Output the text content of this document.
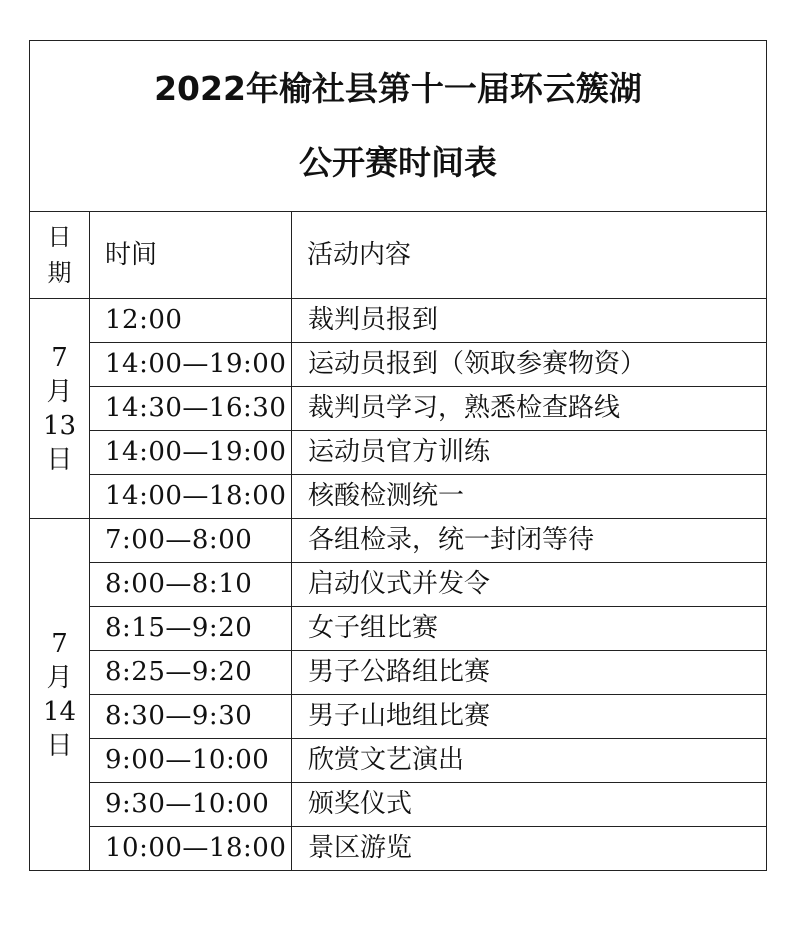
2022年榆社县第十一届环云簇湖
公开赛时间表		

日
期	时间	活动内容

7
月
13
日	12:00	裁判员报到
	14:00—19:00	运动员报到（领取参赛物资）
	14:30—16:30	裁判员学习，熟悉检查路线
	14:00—19:00	运动员官方训练
	14:00—18:00	核酸检测统一

7
月
14
日	7:00—8:00	各组检录，统一封闭等待
	8:00—8:10	启动仪式并发令
	8:15—9:20	女子组比赛
	8:25—9:20	男子公路组比赛
	8:30—9:30	男子山地组比赛
	9:00—10:00	欣赏文艺演出
	9:30—10:00	颁奖仪式
	10:00—18:00	景区游览
